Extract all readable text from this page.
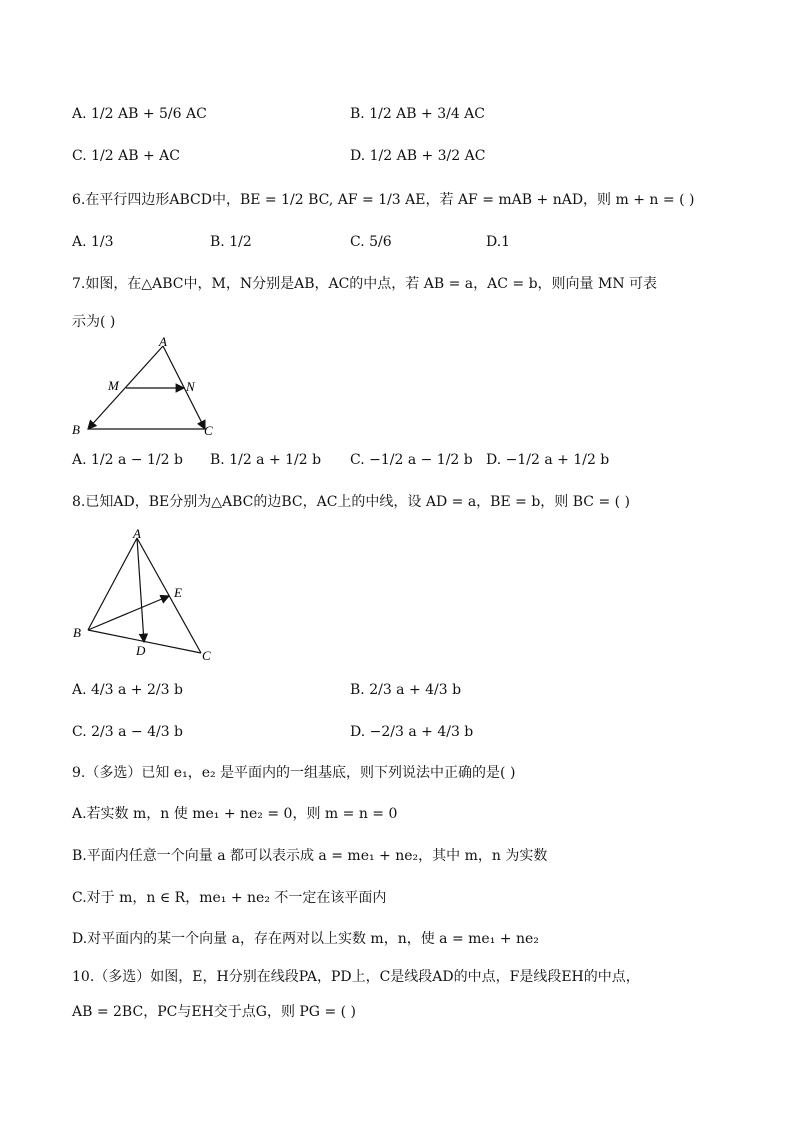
A. 1/2 AB + 5/6 AC	B. 1/2 AB + 3/4 AC
C. 1/2 AB + AC	D. 1/2 AB + 3/2 AC
6.在平行四边形ABCD中，BE = 1/2 BC, AF = 1/3 AE，若 AF = mAB + nAD，则 m + n = ( )
A. 1/3	B. 1/2	C. 5/6	D.1
7.如图，在△ABC中，M，N分别是AB，AC的中点，若 AB = a，AC = b，则向量 MN 可表
示为( )
A
M	N
B	C
A. 1/2 a − 1/2 b B. 1/2 a + 1/2 b C. −1/2 a − 1/2 b D. −1/2 a + 1/2 b
8.已知AD，BE分别为△ABC的边BC，AC上的中线，设 AD = a，BE = b，则 BC = ( )
A
E
B
D	C
A. 4/3 a + 2/3 b	B. 2/3 a + 4/3 b
C. 2/3 a − 4/3 b	D. −2/3 a + 4/3 b
9.（多选）已知 e₁，e₂ 是平面内的一组基底，则下列说法中正确的是( )
A.若实数 m，n 使 me₁ + ne₂ = 0，则 m = n = 0
B.平面内任意一个向量 a 都可以表示成 a = me₁ + ne₂，其中 m，n 为实数
C.对于 m，n ∈ R，me₁ + ne₂ 不一定在该平面内
D.对平面内的某一个向量 a，存在两对以上实数 m，n，使 a = me₁ + ne₂
10.（多选）如图，E，H分别在线段PA，PD上，C是线段AD的中点，F是线段EH的中点，
AB = 2BC，PC与EH交于点G，则 PG = ( )
